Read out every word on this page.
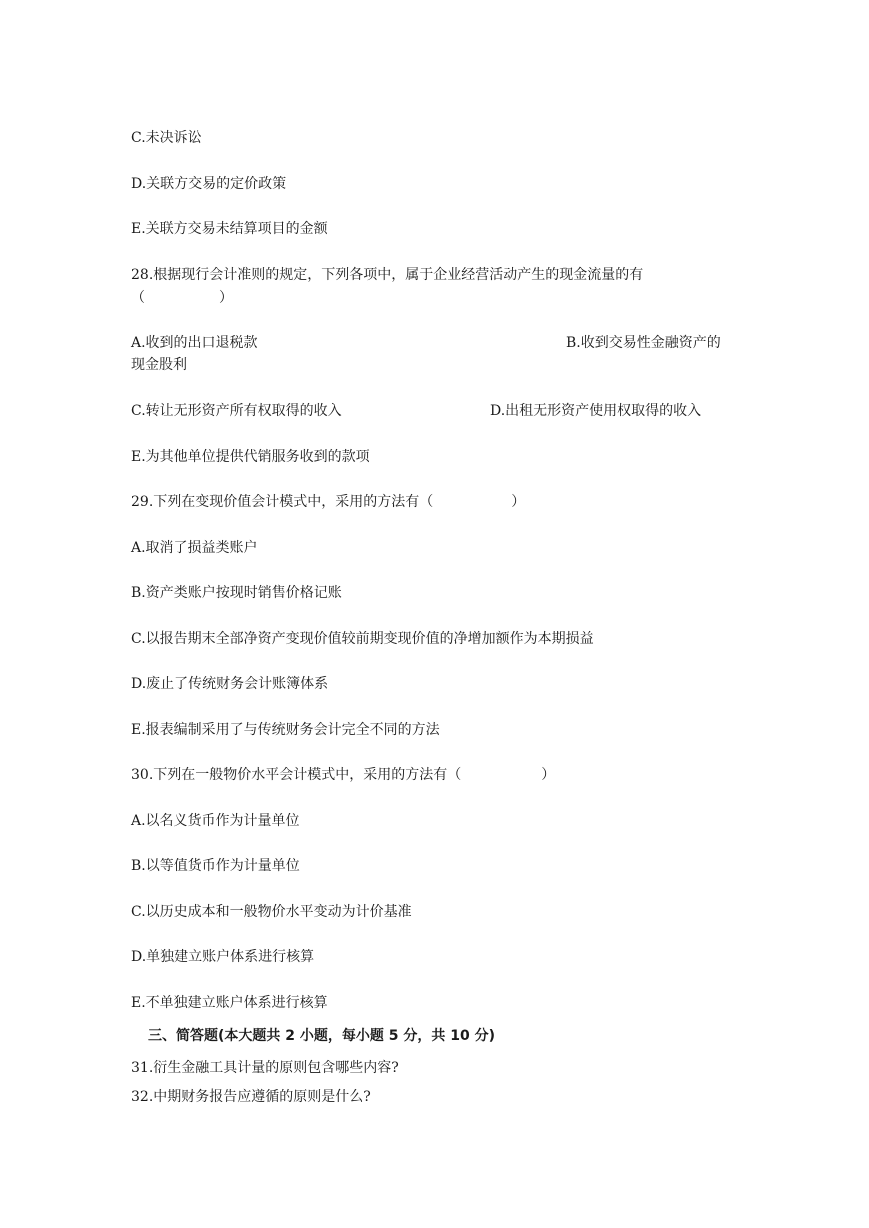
C.未决诉讼
D.关联方交易的定价政策
E.关联方交易未结算项目的金额
28.根据现行会计准则的规定，下列各项中，属于企业经营活动产生的现金流量的有
（	）
A.收到的出口退税款	B.收到交易性金融资产的
现金股利
C.转让无形资产所有权取得的收入	D.出租无形资产使用权取得的收入
E.为其他单位提供代销服务收到的款项
29.下列在变现价值会计模式中，采用的方法有（	）
A.取消了损益类账户
B.资产类账户按现时销售价格记账
C.以报告期末全部净资产变现价值较前期变现价值的净增加额作为本期损益
D.废止了传统财务会计账簿体系
E.报表编制采用了与传统财务会计完全不同的方法
30.下列在一般物价水平会计模式中，采用的方法有（	）
A.以名义货币作为计量单位
B.以等值货币作为计量单位
C.以历史成本和一般物价水平变动为计价基准
D.单独建立账户体系进行核算
E.不单独建立账户体系进行核算
三、简答题(本大题共 2 小题，每小题 5 分，共 10 分)
31.衍生金融工具计量的原则包含哪些内容?
32.中期财务报告应遵循的原则是什么?
